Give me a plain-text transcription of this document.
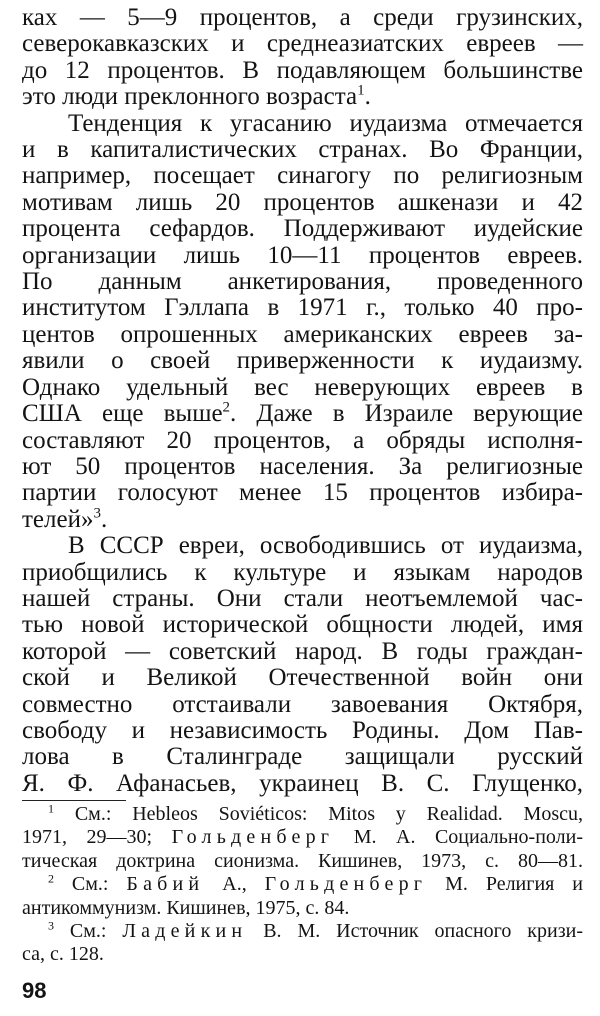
ках — 5—9 процентов, а среди грузинских,
северокавказских и среднеазиатских евреев —
до 12 процентов. В подавляющем большинстве
это люди преклонного возраста$^1$.
Тенденция к угасанию иудаизма отмечается
и в капиталистических странах. Во Франции,
например, посещает синагогу по религиозным
мотивам лишь 20 процентов ашкенази и 42
процента сефардов. Поддерживают иудейские
организации лишь 10—11 процентов евреев.
По данным анкетирования, проведенного
институтом Гэллапа в 1971 г., только 40 про-
центов опрошенных американских евреев за-
явили о своей приверженности к иудаизму.
Однако удельный вес неверующих евреев в
США еще выше$^2$. Даже в Израиле верующие
составляют 20 процентов, а обряды исполня-
ют 50 процентов населения. За религиозные
партии голосуют менее 15 процентов избира-
телей»$^3$.
В СССР евреи, освободившись от иудаизма,
приобщились к культуре и языкам народов
нашей страны. Они стали неотъемлемой час-
тью новой исторической общности людей, имя
которой — советский народ. В годы граждан-
ской и Великой Отечественной войн они
совместно отстаивали завоевания Октября,
свободу и независимость Родины. Дом Пав-
лова в Сталинграде защищали русский
Я. Ф. Афанасьев, украинец В. С. Глущенко,
$^1$ См.: Hebleos Soviéticos: Mitos y Realidad. Moscu,
1971, 29—30; Гольденберг М. А. Социально-поли-
тическая доктрина сионизма. Кишинев, 1973, с. 80—81.
$^2$ См.: Бабий А., Гольденберг М. Религия и
антикоммунизм. Кишинев, 1975, с. 84.
$^3$ См.: Ладейкин В. М. Источник опасного кризи-
са, с. 128.
98
